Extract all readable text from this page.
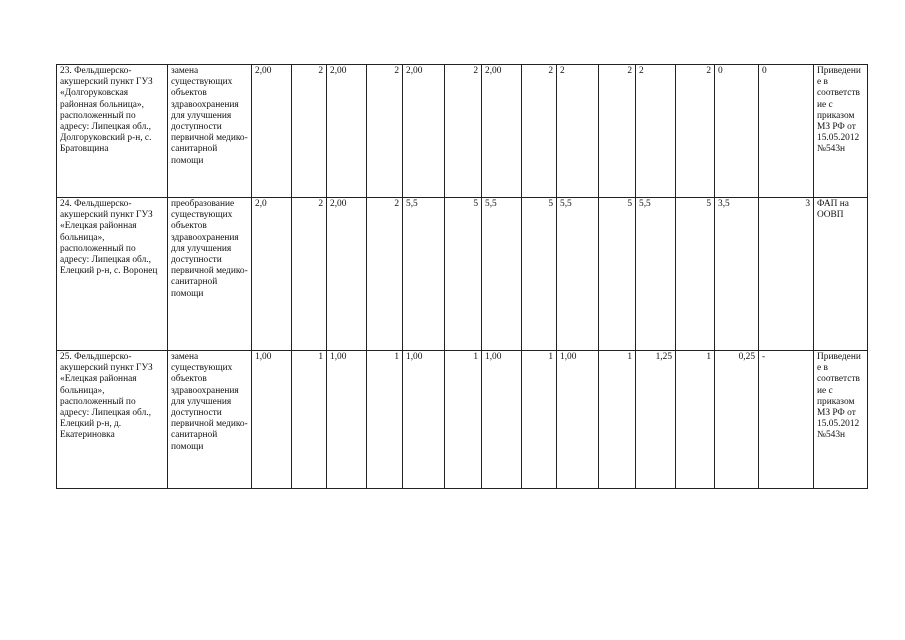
23. Фельдшерско-акушерский пункт ГУЗ «Долгоруковская районная больница», расположенный по адресу: Липецкая обл., Долгоруковский р-н, с. Братовщина	замена существующих объектов здравоохранения для улучшения доступности первичной медико-санитарной помощи	2,00	2	2,00	2	2,00	2	2,00	2	2	2	2	2	0	0	Приведение в соответствие с приказом МЗ РФ от 15.05.2012 №543н
24. Фельдшерско-акушерский пункт ГУЗ «Елецкая районная больница», расположенный по адресу: Липецкая обл., Елецкий р-н, с. Воронец	преобразование существующих объектов здравоохранения для улучшения доступности первичной медико-санитарной помощи	2,0	2	2,00	2	5,5	5	5,5	5	5,5	5	5,5	5	3,5	3	ФАП на ООВП
25. Фельдшерско-акушерский пункт ГУЗ «Елецкая районная больница», расположенный по адресу: Липецкая обл., Елецкий р-н, д. Екатериновка	замена существующих объектов здравоохранения для улучшения доступности первичной медико-санитарной помощи	1,00	1	1,00	1	1,00	1	1,00	1	1,00	1	1,25	1	0,25	-	Приведение в соответствие с приказом МЗ РФ от 15.05.2012 №543н
